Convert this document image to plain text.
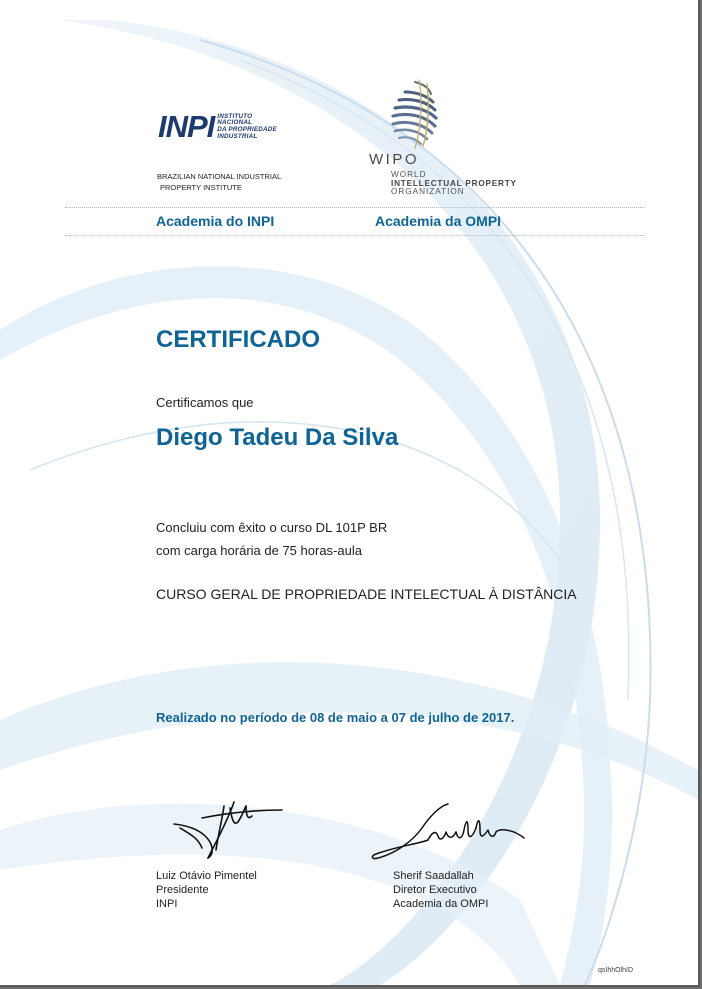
INPI INSTITUTO
NACIONAL
DA PROPRIEDADE
INDUSTRIAL
BRAZILIAN NATIONAL INDUSTRIAL
PROPERTY INSTITUTE
WIPO
WORLD
INTELLECTUAL PROPERTY
ORGANIZATION
Academia do INPI	Academia da OMPI
CERTIFICADO
Certificamos que
Diego Tadeu Da Silva
Concluiu com êxito o curso DL 101P BR
com carga horária de 75 horas-aula
CURSO GERAL DE PROPRIEDADE INTELECTUAL À DISTÂNCIA
Realizado no período de 08 de maio a 07 de julho de 2017.
Luiz Otávio Pimentel
Presidente
INPI
Sherif Saadallah
Diretor Executivo
Academia da OMPI
qsIhhOlhID
